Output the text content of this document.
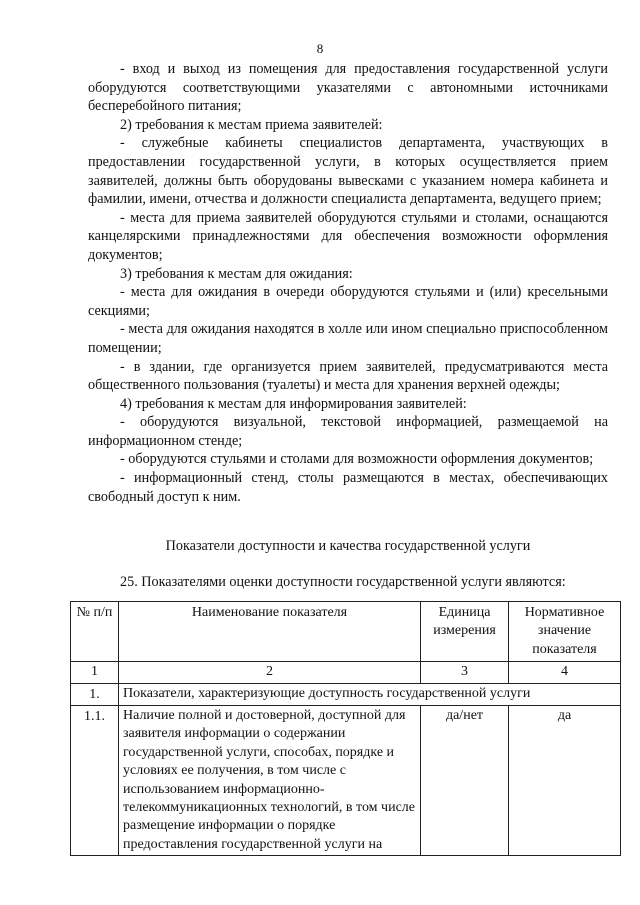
8

- вход и выход из помещения для предоставления государственной услуги оборудуются соответствующими указателями с автономными источниками бесперебойного питания;

2) требования к местам приема заявителей:

- служебные кабинеты специалистов департамента, участвующих в предоставлении государственной услуги, в которых осуществляется прием заявителей, должны быть оборудованы вывесками с указанием номера кабинета и фамилии, имени, отчества и должности специалиста департамента, ведущего прием;

- места для приема заявителей оборудуются стульями и столами, оснащаются канцелярскими принадлежностями для обеспечения возможности оформления документов;

3) требования к местам для ожидания:

- места для ожидания в очереди оборудуются стульями и (или) кресельными секциями;

- места для ожидания находятся в холле или ином специально приспособленном помещении;

- в здании, где организуется прием заявителей, предусматриваются места общественного пользования (туалеты) и места для хранения верхней одежды;

4) требования к местам для информирования заявителей:

- оборудуются визуальной, текстовой информацией, размещаемой на информационном стенде;

- оборудуются стульями и столами для возможности оформления документов;

- информационный стенд, столы размещаются в местах, обеспечивающих свободный доступ к ним.

Показатели доступности и качества государственной услуги
25. Показателями оценки доступности государственной услуги являются:
№ п/п	Наименование показателя	Единица измерения	Нормативное значение показателя
1	2	3	4
1.	Показатели, характеризующие доступность государственной услуги		
1.1.	Наличие полной и достоверной, доступной для заявителя информации о содержании государственной услуги, способах, порядке и условиях ее получения, в том числе с использованием информационно-телекоммуникационных технологий, в том числе размещение информации о порядке предоставления государственной услуги на	да/нет	да
